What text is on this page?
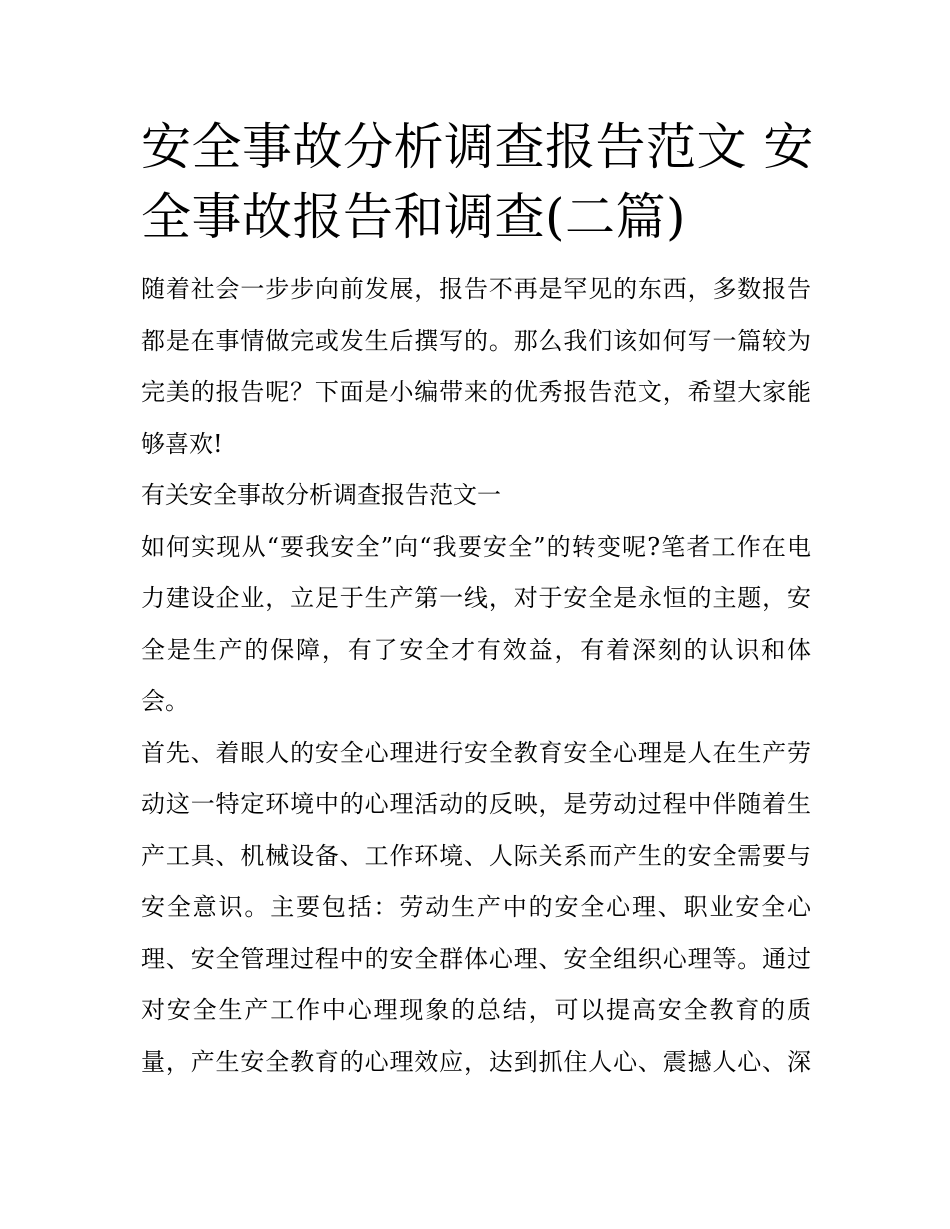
安全事故分析调查报告范文 安
全事故报告和调查(二篇)

随着社会一步步向前发展，报告不再是罕见的东西，多数报告
都是在事情做完或发生后撰写的。那么我们该如何写一篇较为
完美的报告呢？下面是小编带来的优秀报告范文，希望大家能
够喜欢!

有关安全事故分析调查报告范文一

如何实现从“要我安全”向“我要安全”的转变呢?笔者工作在电
力建设企业，立足于生产第一线，对于安全是永恒的主题，安
全是生产的保障，有了安全才有效益，有着深刻的认识和体
会。

首先、着眼人的安全心理进行安全教育安全心理是人在生产劳
动这一特定环境中的心理活动的反映，是劳动过程中伴随着生
产工具、机械设备、工作环境、人际关系而产生的安全需要与
安全意识。主要包括：劳动生产中的安全心理、职业安全心
理、安全管理过程中的安全群体心理、安全组织心理等。通过
对安全生产工作中心理现象的总结，可以提高安全教育的质
量，产生安全教育的心理效应，达到抓住人心、震撼人心、深
